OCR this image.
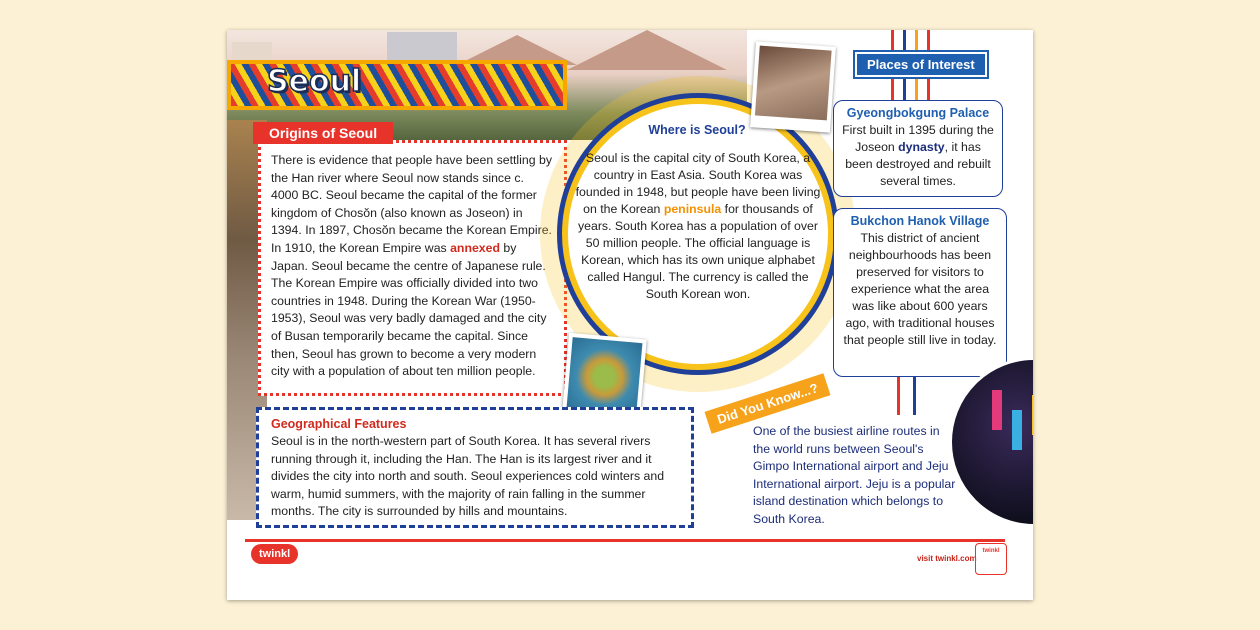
Seoul
There is evidence that people have been settling by the Han river where Seoul now stands since c. 4000 BC. Seoul became the capital of the former kingdom of Chosŏn (also known as Joseon) in 1394. In 1897, Chosŏn became the Korean Empire. In 1910, the Korean Empire was annexed by Japan. Seoul became the centre of Japanese rule. The Korean Empire was officially divided into two countries in 1948. During the Korean War (1950-1953), Seoul was very badly damaged and the city of Busan temporarily became the capital. Since then, Seoul has grown to become a very modern city with a population of about ten million people.
Origins of Seoul	Where is Seoul?
Seoul is the capital city of South Korea, a country in East Asia. South Korea was founded in 1948, but people have been living on the Korean peninsula for thousands of years. South Korea has a population of over 50 million people. The official language is Korean, which has its own unique alphabet called Hangul. The currency is called the South Korean won.
Places of Interest
Gyeongbokgung Palace
First built in 1395 during the Joseon dynasty, it has been destroyed and rebuilt several times.
Bukchon Hanok Village
This district of ancient neighbourhoods has been preserved for visitors to experience what the area was like about 600 years ago, with traditional houses that people still live in today.
Did You Know...?
One of the busiest airline routes in the world runs between Seoul's Gimpo International airport and Jeju International airport. Jeju is a popular island destination which belongs to South Korea.
Geographical Features
Seoul is in the north-western part of South Korea. It has several rivers running through it, including the Han. The Han is its largest river and it divides the city into north and south. Seoul experiences cold winters and warm, humid summers, with the majority of rain falling in the summer months. The city is surrounded by hills and mountains.
twinkl	visit twinkl.com
twinkl
